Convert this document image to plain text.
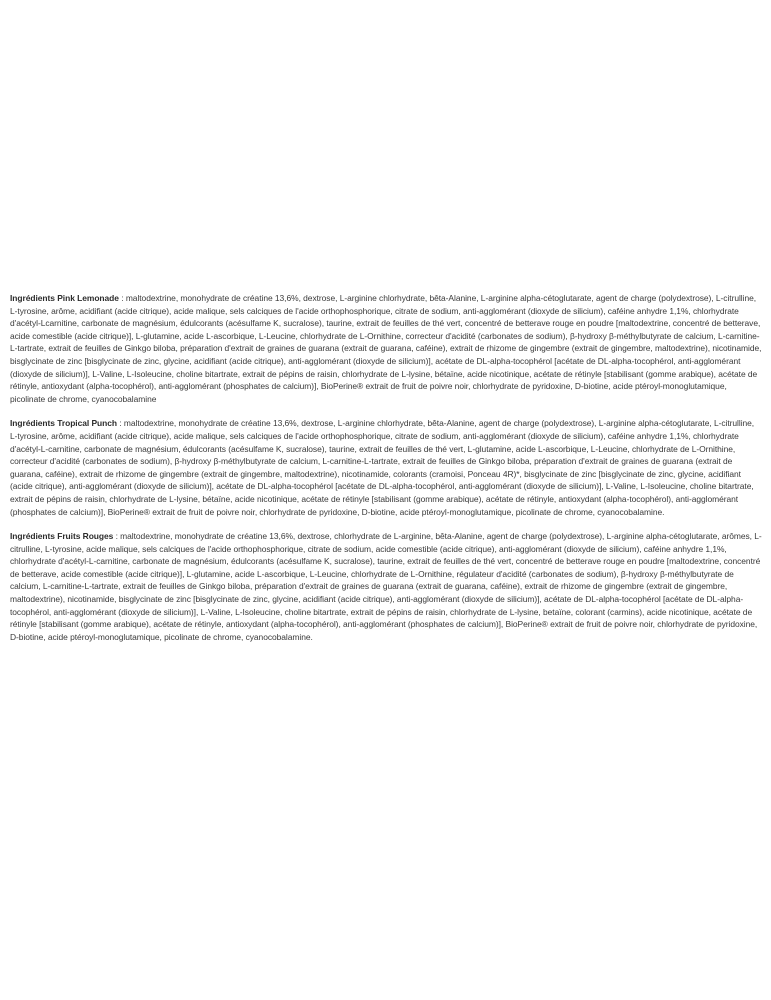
Ingrédients Pink Lemonade : maltodextrine, monohydrate de créatine 13,6%, dextrose, L-arginine chlorhydrate, bêta-Alanine, L-arginine alpha-cétoglutarate, agent de charge (polydextrose), L-citrulline, L-tyrosine, arôme, acidifiant (acide citrique), acide malique, sels calciques de l'acide orthophosphorique, citrate de sodium, anti-agglomérant (dioxyde de silicium), caféine anhydre 1,1%, chlorhydrate d'acétyl-Lcarnitine, carbonate de magnésium, édulcorants (acésulfame K, sucralose), taurine, extrait de feuilles de thé vert, concentré de betterave rouge en poudre [maltodextrine, concentré de betterave, acide comestible (acide citrique)], L-glutamine, acide L-ascorbique, L-Leucine, chlorhydrate de L-Ornithine, correcteur d'acidité (carbonates de sodium), β-hydroxy β-méthylbutyrate de calcium, L-carnitine-L-tartrate, extrait de feuilles de Ginkgo biloba, préparation d'extrait de graines de guarana (extrait de guarana, caféine), extrait de rhizome de gingembre (extrait de gingembre, maltodextrine), nicotinamide, bisglycinate de zinc [bisglycinate de zinc, glycine, acidifiant (acide citrique), anti-agglomérant (dioxyde de silicium)], acétate de DL-alpha-tocophérol [acétate de DL-alpha-tocophérol, anti-agglomérant (dioxyde de silicium)], L-Valine, L-Isoleucine, choline bitartrate, extrait de pépins de raisin, chlorhydrate de L-lysine, bétaïne, acide nicotinique, acétate de rétinyle [stabilisant (gomme arabique), acétate de rétinyle, antioxydant (alpha-tocophérol), anti-agglomérant (phosphates de calcium)], BioPerine® extrait de fruit de poivre noir, chlorhydrate de pyridoxine, D-biotine, acide ptéroyl-monoglutamique, picolinate de chrome, cyanocobalamine

Ingrédients Tropical Punch : maltodextrine, monohydrate de créatine 13,6%, dextrose, L-arginine chlorhydrate, bêta-Alanine, agent de charge (polydextrose), L-arginine alpha-cétoglutarate, L-citrulline, L-tyrosine, arôme, acidifiant (acide citrique), acide malique, sels calciques de l'acide orthophosphorique, citrate de sodium, anti-agglomérant (dioxyde de silicium), caféine anhydre 1,1%, chlorhydrate d'acétyl-L-carnitine, carbonate de magnésium, édulcorants (acésulfame K, sucralose), taurine, extrait de feuilles de thé vert, L-glutamine, acide L-ascorbique, L-Leucine, chlorhydrate de L-Ornithine, correcteur d'acidité (carbonates de sodium), β-hydroxy β-méthylbutyrate de calcium, L-carnitine-L-tartrate, extrait de feuilles de Ginkgo biloba, préparation d'extrait de graines de guarana (extrait de guarana, caféine), extrait de rhizome de gingembre (extrait de gingembre, maltodextrine), nicotinamide, colorants (cramoisi, Ponceau 4R)*, bisglycinate de zinc [bisglycinate de zinc, glycine, acidifiant (acide citrique), anti-agglomérant (dioxyde de silicium)], acétate de DL-alpha-tocophérol [acétate de DL-alpha-tocophérol, anti-agglomérant (dioxyde de silicium)], L-Valine, L-Isoleucine, choline bitartrate, extrait de pépins de raisin, chlorhydrate de L-lysine, bétaïne, acide nicotinique, acétate de rétinyle [stabilisant (gomme arabique), acétate de rétinyle, antioxydant (alpha-tocophérol), anti-agglomérant (phosphates de calcium)], BioPerine® extrait de fruit de poivre noir, chlorhydrate de pyridoxine, D-biotine, acide ptéroyl-monoglutamique, picolinate de chrome, cyanocobalamine.

Ingrédients Fruits Rouges : maltodextrine, monohydrate de créatine 13,6%, dextrose, chlorhydrate de L-arginine, bêta-Alanine, agent de charge (polydextrose), L-arginine alpha-cétoglutarate, arômes, L-citrulline, L-tyrosine, acide malique, sels calciques de l'acide orthophosphorique, citrate de sodium, acide comestible (acide citrique), anti-agglomérant (dioxyde de silicium), caféine anhydre 1,1%, chlorhydrate d'acétyl-L-carnitine, carbonate de magnésium, édulcorants (acésulfame K, sucralose), taurine, extrait de feuilles de thé vert, concentré de betterave rouge en poudre [maltodextrine, concentré de betterave, acide comestible (acide citrique)], L-glutamine, acide L-ascorbique, L-Leucine, chlorhydrate de L-Ornithine, régulateur d'acidité (carbonates de sodium), β-hydroxy β-méthylbutyrate de calcium, L-carnitine-L-tartrate, extrait de feuilles de Ginkgo biloba, préparation d'extrait de graines de guarana (extrait de guarana, caféine), extrait de rhizome de gingembre (extrait de gingembre, maltodextrine), nicotinamide, bisglycinate de zinc [bisglycinate de zinc, glycine, acidifiant (acide citrique), anti-agglomérant (dioxyde de silicium)], acétate de DL-alpha-tocophérol [acétate de DL-alpha-tocophérol, anti-agglomérant (dioxyde de silicium)], L-Valine, L-Isoleucine, choline bitartrate, extrait de pépins de raisin, chlorhydrate de L-lysine, betaïne, colorant (carmins), acide nicotinique, acétate de rétinyle [stabilisant (gomme arabique), acétate de rétinyle, antioxydant (alpha-tocophérol), anti-agglomérant (phosphates de calcium)], BioPerine® extrait de fruit de poivre noir, chlorhydrate de pyridoxine, D-biotine, acide ptéroyl-monoglutamique, picolinate de chrome, cyanocobalamine.
